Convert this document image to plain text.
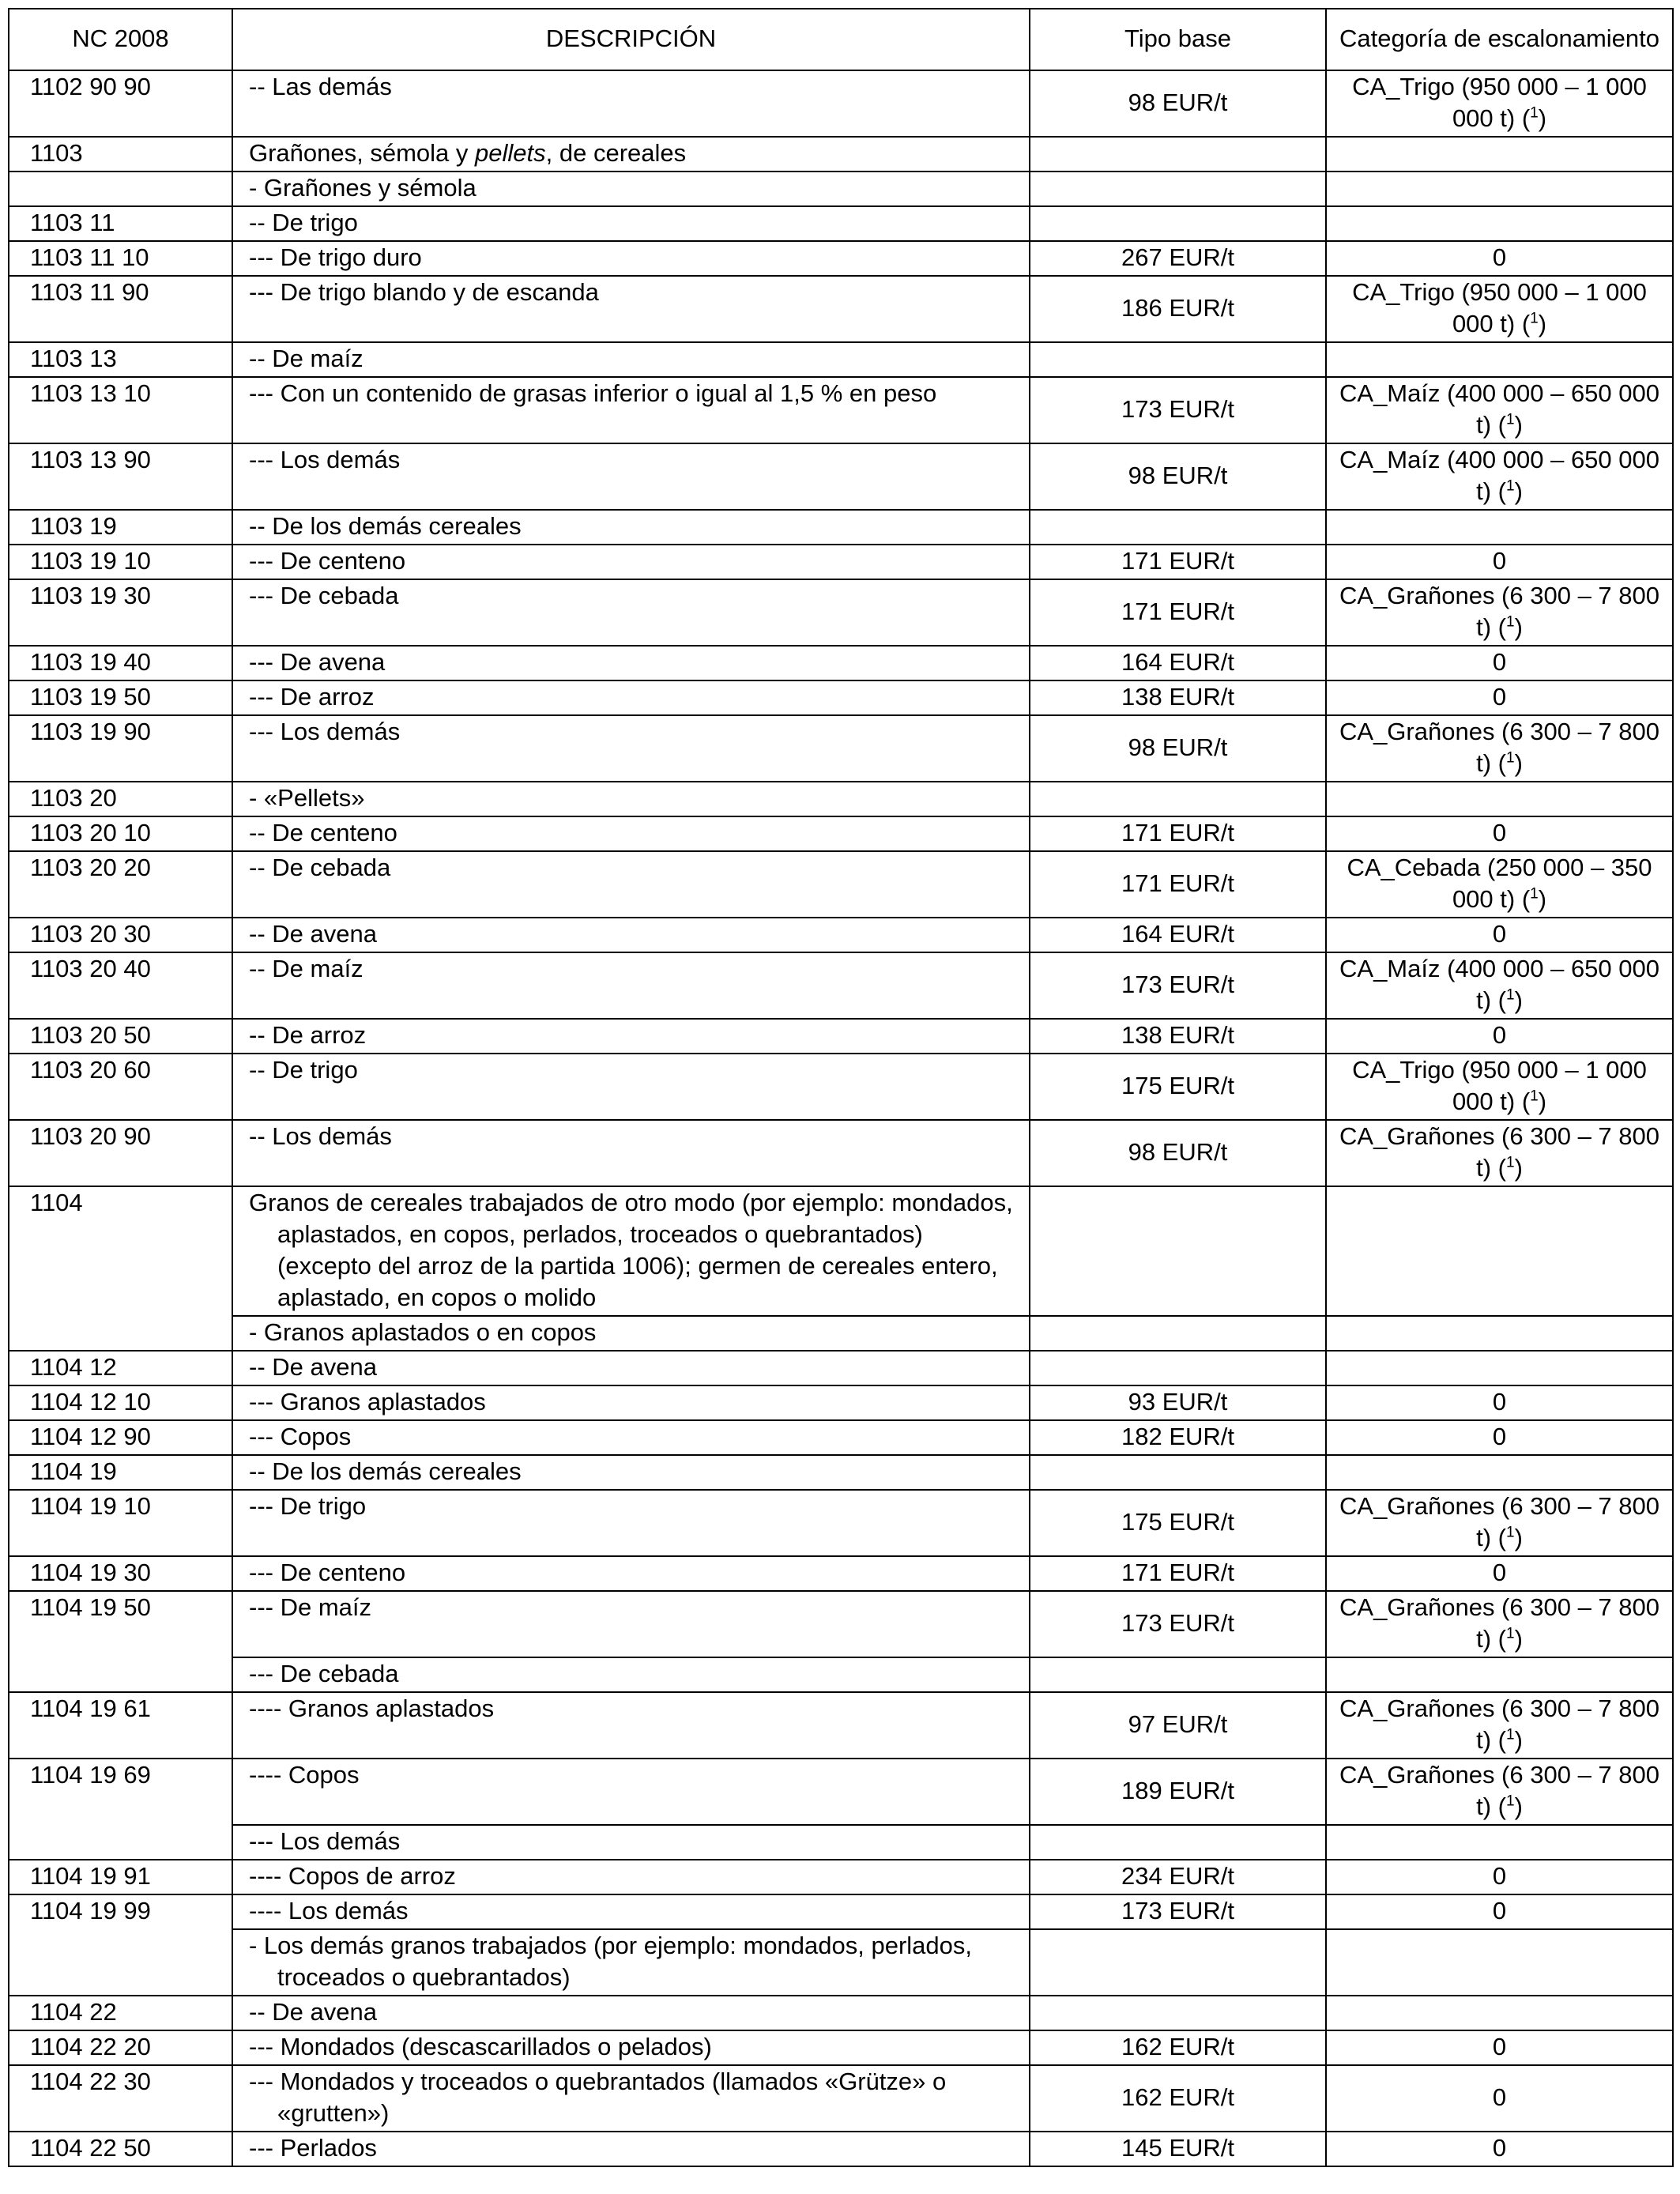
NC 2008	DESCRIPCIÓN	Tipo base	Categoría de escalonamiento
1102 90 90	-- Las demás	98 EUR/t	CA_Trigo (950 000 – 1 000 000 t) ($^1$)
1103	Grañones, sémola y pellets, de cereales		

	- Grañones y sémola		

1103 11	-- De trigo		

1103 11 10	--- De trigo duro	267 EUR/t	0
1103 11 90	--- De trigo blando y de escanda	186 EUR/t	CA_Trigo (950 000 – 1 000 000 t) ($^1$)
1103 13	-- De maíz		

1103 13 10	--- Con un contenido de grasas inferior o igual al 1,5 % en peso	173 EUR/t	CA_Maíz (400 000 – 650 000 t) ($^1$)
1103 13 90	--- Los demás	98 EUR/t	CA_Maíz (400 000 – 650 000 t) ($^1$)
1103 19	-- De los demás cereales		

1103 19 10	--- De centeno	171 EUR/t	0
1103 19 30	--- De cebada	171 EUR/t	CA_Grañones (6 300 – 7 800 t) ($^1$)
1103 19 40	--- De avena	164 EUR/t	0
1103 19 50	--- De arroz	138 EUR/t	0
1103 19 90	--- Los demás	98 EUR/t	CA_Grañones (6 300 – 7 800 t) ($^1$)
1103 20	- «Pellets»		

1103 20 10	-- De centeno	171 EUR/t	0
1103 20 20	-- De cebada	171 EUR/t	CA_Cebada (250 000 – 350 000 t) ($^1$)
1103 20 30	-- De avena	164 EUR/t	0
1103 20 40	-- De maíz	173 EUR/t	CA_Maíz (400 000 – 650 000 t) ($^1$)
1103 20 50	-- De arroz	138 EUR/t	0
1103 20 60	-- De trigo	175 EUR/t	CA_Trigo (950 000 – 1 000 000 t) ($^1$)
1103 20 90	-- Los demás	98 EUR/t	CA_Grañones (6 300 – 7 800 t) ($^1$)
1104	Granos de cereales trabajados de otro modo (por ejemplo: mondados, aplastados, en copos, perlados, troceados o quebrantados) (excepto del arroz de la partida 1006); germen de cereales entero, aplastado, en copos o molido		

	- Granos aplastados o en copos		

1104 12	-- De avena		

1104 12 10	--- Granos aplastados	93 EUR/t	0
1104 12 90	--- Copos	182 EUR/t	0
1104 19	-- De los demás cereales		

1104 19 10	--- De trigo	175 EUR/t	CA_Grañones (6 300 – 7 800 t) ($^1$)
1104 19 30	--- De centeno	171 EUR/t	0
1104 19 50	--- De maíz	173 EUR/t	CA_Grañones (6 300 – 7 800 t) ($^1$)

	--- De cebada		

1104 19 61	---- Granos aplastados	97 EUR/t	CA_Grañones (6 300 – 7 800 t) ($^1$)
1104 19 69	---- Copos	189 EUR/t	CA_Grañones (6 300 – 7 800 t) ($^1$)

	--- Los demás		

1104 19 91	---- Copos de arroz	234 EUR/t	0
1104 19 99	---- Los demás	173 EUR/t	0

	- Los demás granos trabajados (por ejemplo: mondados, perlados, troceados o quebrantados)		

1104 22	-- De avena		

1104 22 20	--- Mondados (descascarillados o pelados)	162 EUR/t	0
1104 22 30	--- Mondados y troceados o quebrantados (llamados «Grütze» o «grutten»)	162 EUR/t	0
1104 22 50	--- Perlados	145 EUR/t	0
